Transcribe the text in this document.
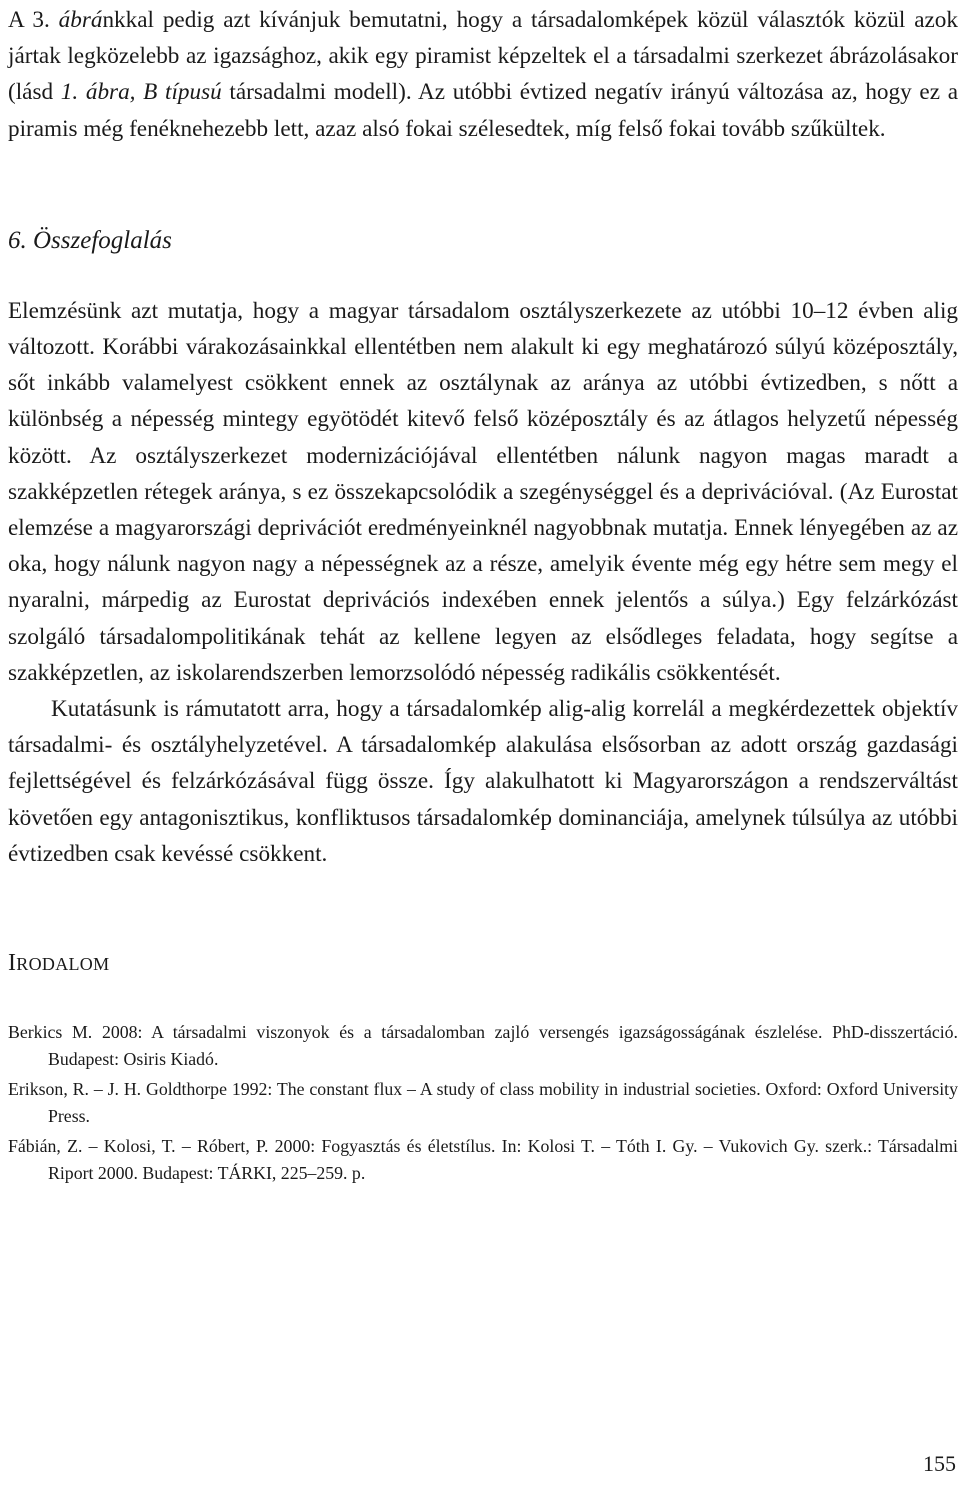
A 3. ábránkkal pedig azt kívánjuk bemutatni, hogy a társadalomképek közül választók közül azok jártak legközelebb az igazsághoz, akik egy piramist képzeltek el a társadalmi szerkezet ábrázolásakor (lásd 1. ábra, B típusú társadalmi modell). Az utóbbi évtized negatív irányú változása az, hogy ez a piramis még fenéknehezebb lett, azaz alsó fokai szélesedtek, míg felső fokai tovább szűkültek.

6. Összefoglalás

Elemzésünk azt mutatja, hogy a magyar társadalom osztályszerkezete az utóbbi 10–12 évben alig változott. Korábbi várakozásainkkal ellentétben nem alakult ki egy meghatározó súlyú középosztály, sőt inkább valamelyest csökkent ennek az osztálynak az aránya az utóbbi évtizedben, s nőtt a különbség a népesség mintegy egyötödét kitevő felső középosztály és az átlagos helyzetű népesség között. Az osztályszerkezet modernizációjával ellentétben nálunk nagyon magas maradt a szakképzetlen rétegek aránya, s ez összekapcsolódik a szegénységgel és a deprivációval. (Az Eurostat elemzése a magyarországi deprivációt eredményeinknél nagyobbnak mutatja. Ennek lényegében az az oka, hogy nálunk nagyon nagy a népességnek az a része, amelyik évente még egy hétre sem megy el nyaralni, márpedig az Eurostat deprivációs indexében ennek jelentős a súlya.) Egy felzárkózást szolgáló társadalompolitikának tehát az kellene legyen az elsődleges feladata, hogy segítse a szakképzetlen, az iskolarendszerben lemorzsolódó népesség radikális csökkentését.

Kutatásunk is rámutatott arra, hogy a társadalomkép alig-alig korrelál a megkérdezettek objektív társadalmi- és osztályhelyzetével. A társadalomkép alakulása elsősorban az adott ország gazdasági fejlettségével és felzárkózásával függ össze. Így alakulhatott ki Magyarországon a rendszerváltást követően egy antagonisztikus, konfliktusos társadalomkép dominanciája, amelynek túlsúlya az utóbbi évtizedben csak kevéssé csökkent.

IRODALOM

Berkics M. 2008: A társadalmi viszonyok és a társadalomban zajló versengés igazságosságának észlelése. PhD-disszertáció. Budapest: Osiris Kiadó.

Erikson, R. – J. H. Goldthorpe 1992: The constant flux – A study of class mobility in industrial societies. Oxford: Oxford University Press.

Fábián, Z. – Kolosi, T. – Róbert, P. 2000: Fogyasztás és életstílus. In: Kolosi T. – Tóth I. Gy. – Vukovich Gy. szerk.: Társadalmi Riport 2000. Budapest: TÁRKI, 225–259. p.

155
